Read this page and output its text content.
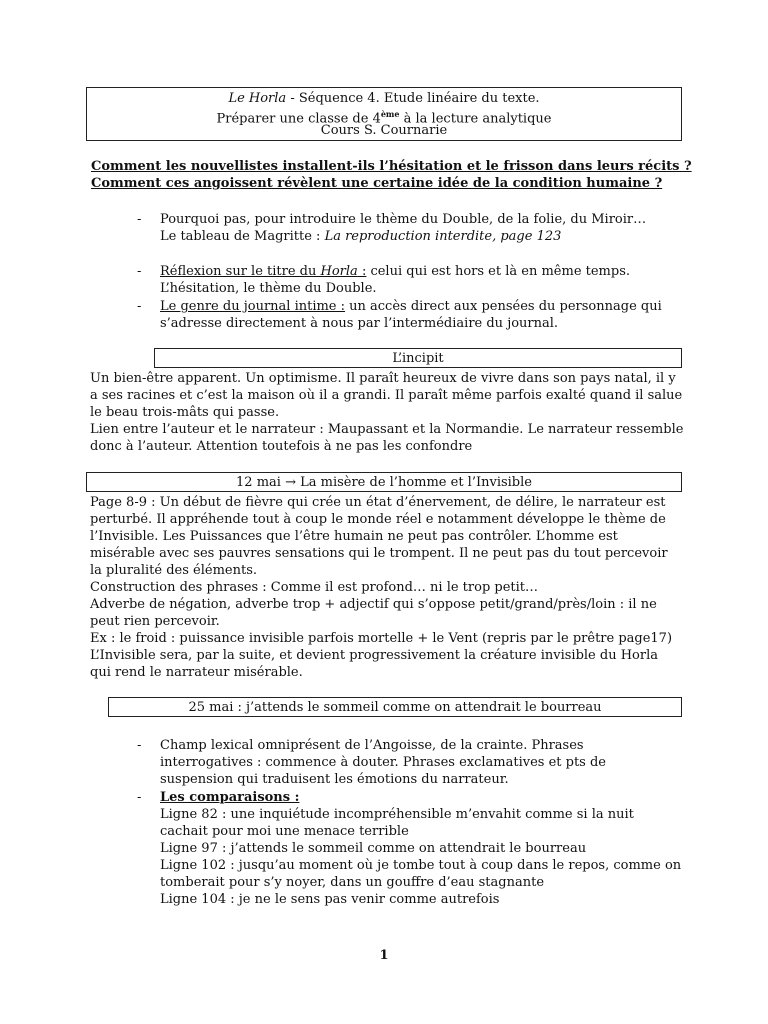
Le Horla - Séquence 4. Etude linéaire du texte.
Préparer une classe de 4ème à la lecture analytique
Cours S. Cournarie
Comment les nouvellistes installent-ils l’hésitation et le frisson dans leurs récits ?
Comment ces angoissent révèlent une certaine idée de la condition humaine ?
- Pourquoi pas, pour introduire le thème du Double, de la folie, du Miroir…
Le tableau de Magritte : La reproduction interdite, page 123
- Réflexion sur le titre du Horla : celui qui est hors et là en même temps.
L’hésitation, le thème du Double.
- Le genre du journal intime : un accès direct aux pensées du personnage qui
s’adresse directement à nous par l’intermédiaire du journal.
L’incipit
Un bien-être apparent. Un optimisme. Il paraît heureux de vivre dans son pays natal, il y
a ses racines et c’est la maison où il a grandi. Il paraît même parfois exalté quand il salue
le beau trois-mâts qui passe.
Lien entre l’auteur et le narrateur : Maupassant et la Normandie. Le narrateur ressemble
donc à l’auteur. Attention toutefois à ne pas les confondre
12 mai → La misère de l’homme et l’Invisible
Page 8-9 : Un début de fièvre qui crée un état d’énervement, de délire, le narrateur est
perturbé. Il appréhende tout à coup le monde réel e notamment développe le thème de
l’Invisible. Les Puissances que l’être humain ne peut pas contrôler. L’homme est
misérable avec ses pauvres sensations qui le trompent. Il ne peut pas du tout percevoir
la pluralité des éléments.
Construction des phrases : Comme il est profond… ni le trop petit…
Adverbe de négation, adverbe trop + adjectif qui s’oppose petit/grand/près/loin : il ne
peut rien percevoir.
Ex : le froid : puissance invisible parfois mortelle + le Vent (repris par le prêtre page17)
L’Invisible sera, par la suite, et devient progressivement la créature invisible du Horla
qui rend le narrateur misérable.
25 mai : j’attends le sommeil comme on attendrait le bourreau
- Champ lexical omniprésent de l’Angoisse, de la crainte. Phrases
interrogatives : commence à douter. Phrases exclamatives et pts de
suspension qui traduisent les émotions du narrateur.
- Les comparaisons :
Ligne 82 : une inquiétude incompréhensible m’envahit comme si la nuit
cachait pour moi une menace terrible
Ligne 97 : j’attends le sommeil comme on attendrait le bourreau
Ligne 102 : jusqu’au moment où je tombe tout à coup dans le repos, comme on
tomberait pour s’y noyer, dans un gouffre d’eau stagnante
Ligne 104 : je ne le sens pas venir comme autrefois
1
